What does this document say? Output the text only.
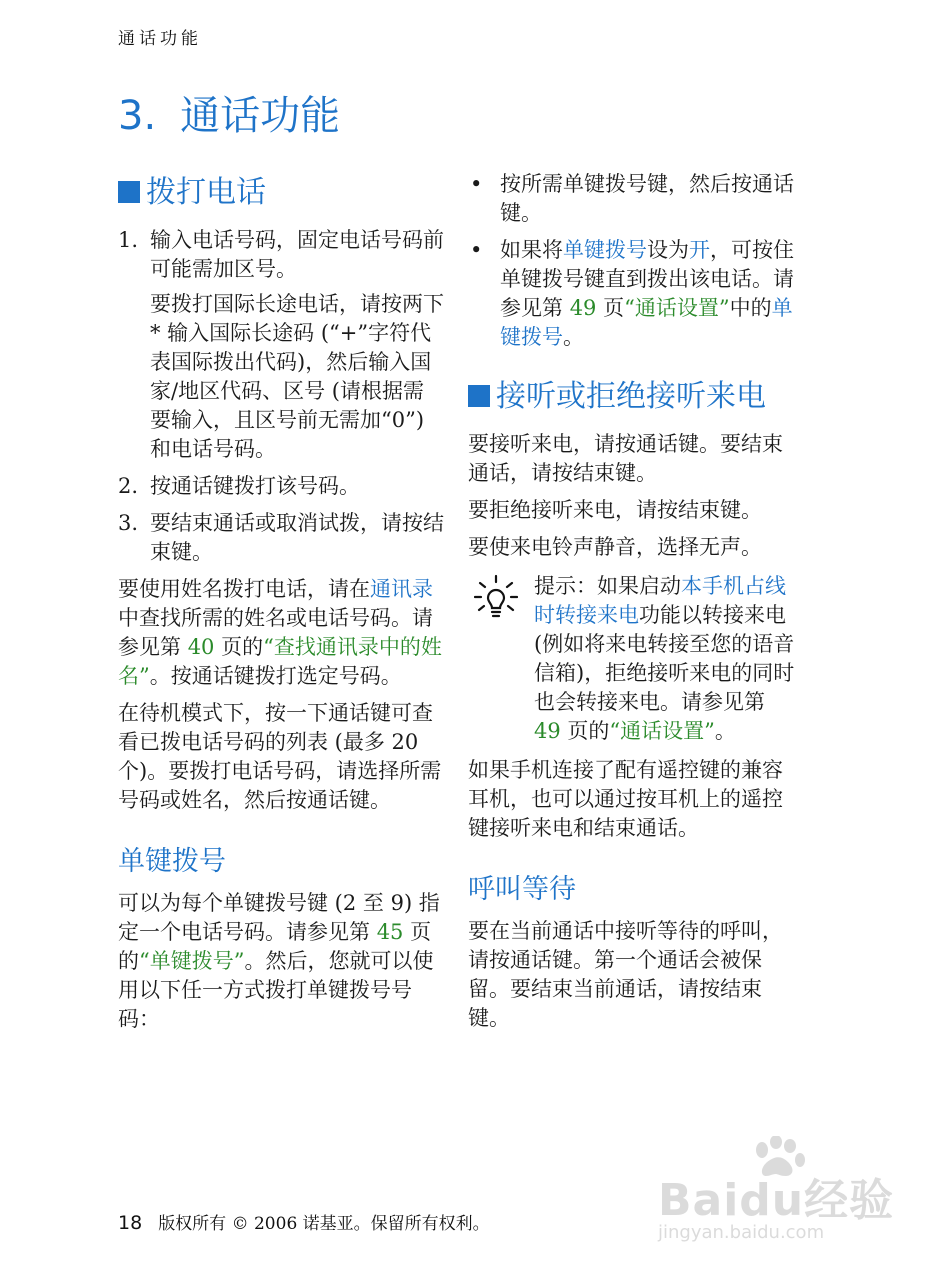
通话功能
3. 通话功能
拨打电话
1. 输入电话号码，固定电话号码前可能需加区号。

要拨打国际长途电话，请按两下 * 输入国际长途码 (“+”字符代表国际拨出代码)，然后输入国家/地区代码、区号 (请根据需要输入，且区号前无需加“0”) 和电话号码。

2. 按通话键拨打该号码。
3. 要结束通话或取消试拨，请按结束键。

要使用姓名拨打电话，请在通讯录中查找所需的姓名或电话号码。请参见第 40 页的“查找通讯录中的姓名”。按通话键拨打选定号码。

在待机模式下，按一下通话键可查看已拨电话号码的列表 (最多 20 个)。要拨打电话号码，请选择所需号码或姓名，然后按通话键。

单键拨号

可以为每个单键拨号键 (2 至 9) 指定一个电话号码。请参见第 45 页的“单键拨号”。然后，您就可以使用以下任一方式拨打单键拨号号码：

• 按所需单键拨号键，然后按通话键。
• 如果将单键拨号设为开，可按住单键拨号键直到拨出该电话。请参见第 49 页“通话设置”中的单键拨号。
接听或拒绝接听来电

要接听来电，请按通话键。要结束通话，请按结束键。

要拒绝接听来电，请按结束键。

要使来电铃声静音，选择无声。

提示：如果启动本手机占线时转接来电功能以转接来电 (例如将来电转接至您的语音信箱)，拒绝接听来电的同时也会转接来电。请参见第 49 页的“通话设置”。

如果手机连接了配有遥控键的兼容耳机，也可以通过按耳机上的遥控键接听来电和结束通话。

呼叫等待

要在当前通话中接听等待的呼叫，请按通话键。第一个通话会被保留。要结束当前通话，请按结束键。

18 版权所有 © 2006 诺基亚。保留所有权利。	Baidu经验
jingyan.baidu.com
